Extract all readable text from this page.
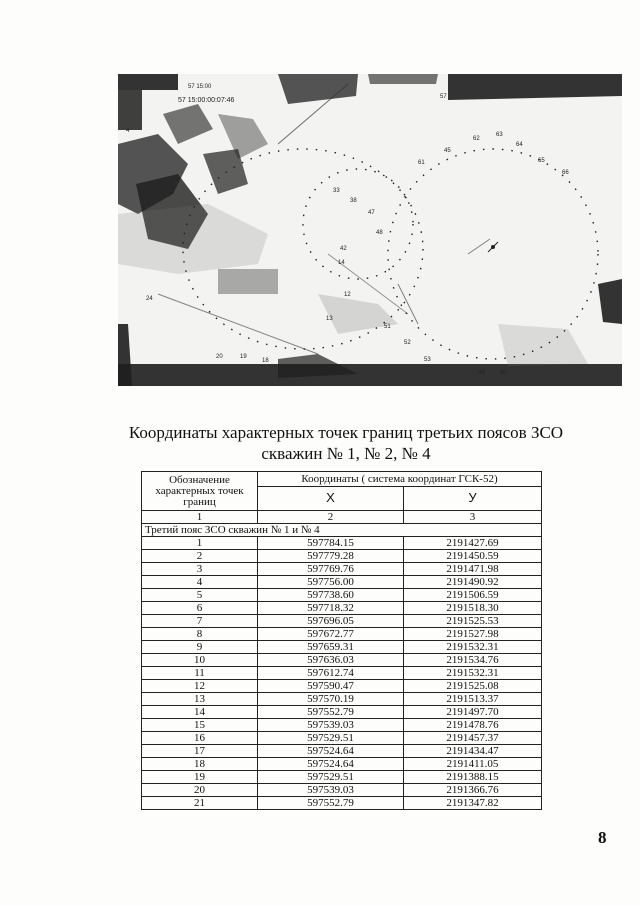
57 15:00
57 15:00:00:07:46	57
45
62
63
64
65
66
61
47
48
42
24
4
51
52
53
49	50
20	19
18
14
12
13
33
38
Координаты характерных точек границ третьих поясов ЗСО
скважин № 1, № 2, № 4
Обозначение характерных точек границ	Координаты ( система координат ГСК-52)	
	X	У
1	2	3
Третий пояс ЗСО скважин № 1 и № 4		
1	597784.15	2191427.69
2	597779.28	2191450.59
3	597769.76	2191471.98
4	597756.00	2191490.92
5	597738.60	2191506.59
6	597718.32	2191518.30
7	597696.05	2191525.53
8	597672.77	2191527.98
9	597659.31	2191532.31
10	597636.03	2191534.76
11	597612.74	2191532.31
12	597590.47	2191525.08
13	597570.19	2191513.37
14	597552.79	2191497.70
15	597539.03	2191478.76
16	597529.51	2191457.37
17	597524.64	2191434.47
18	597524.64	2191411.05
19	597529.51	2191388.15
20	597539.03	2191366.76
21	597552.79	2191347.82
8
